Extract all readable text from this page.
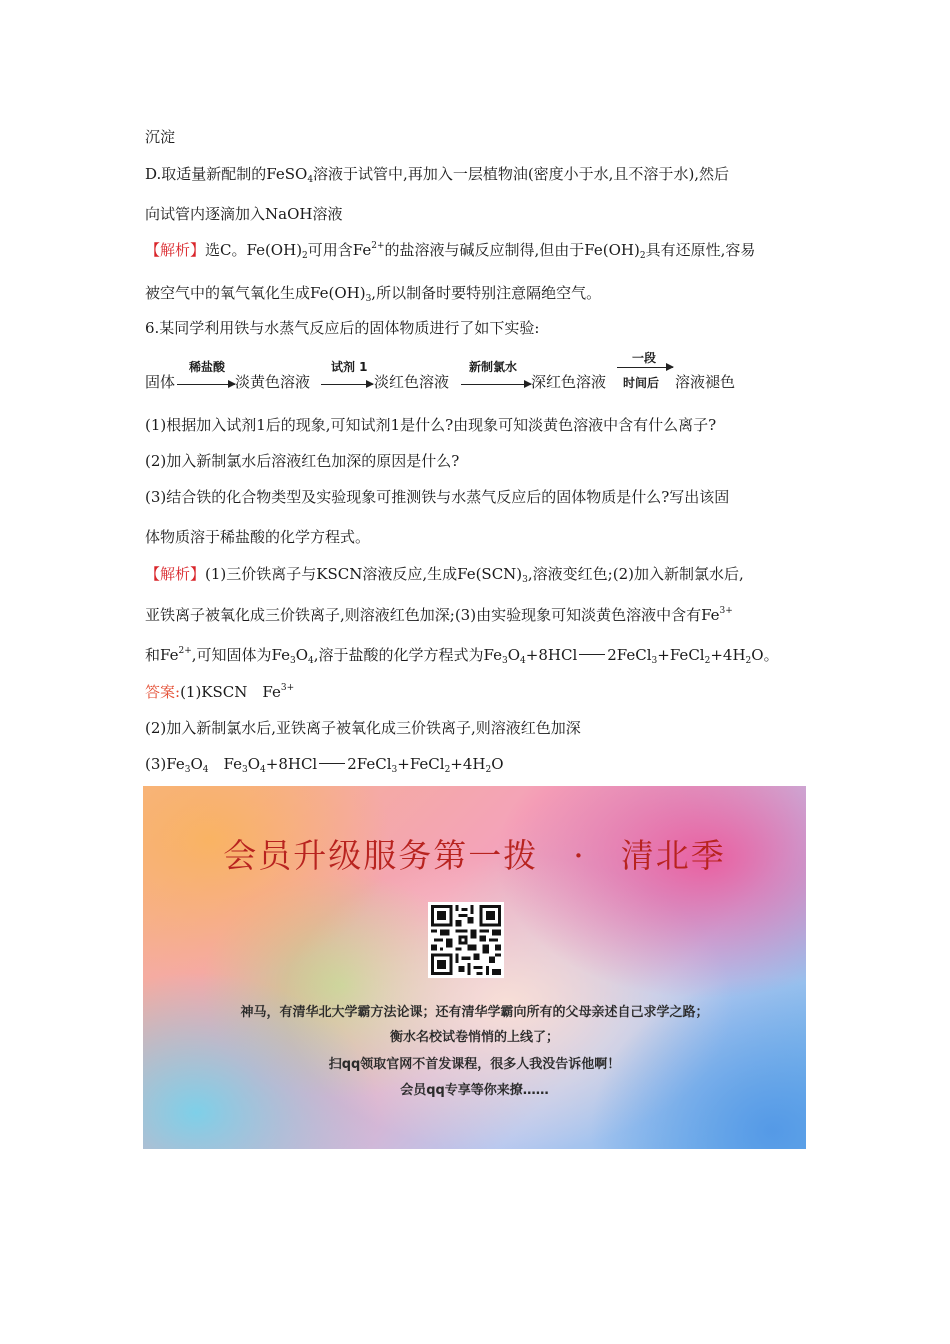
沉淀
D.取适量新配制的FeSO$_4$溶液于试管中,再加入一层植物油(密度小于水,且不溶于水),然后
向试管内逐滴加入NaOH溶液
【解析】选C。$Fe(OH)_2$可用含$Fe^{2+}$的盐溶液与碱反应制得,但由于$Fe(OH)_2$具有还原性,容易
被空气中的氧气氧化生成$Fe(OH)_3$,所以制备时要特别注意隔绝空气。
6.某同学利用铁与水蒸气反应后的固体物质进行了如下实验:
固体
稀盐酸
淡黄色溶液
试剂 1
淡红色溶液
新制氯水
深红色溶液
一段
时间后 溶液褪色
(1)根据加入试剂1后的现象,可知试剂1是什么?由现象可知淡黄色溶液中含有什么离子?
(2)加入新制氯水后溶液红色加深的原因是什么?
(3)结合铁的化合物类型及实验现象可推测铁与水蒸气反应后的固体物质是什么?写出该固
体物质溶于稀盐酸的化学方程式。
【解析】(1)三价铁离子与KSCN溶液反应,生成$Fe(SCN)_3$,溶液变红色;(2)加入新制氯水后,
亚铁离子被氧化成三价铁离子,则溶液红色加深;(3)由实验现象可知淡黄色溶液中含有$Fe^{3+}$
和$Fe^{2+}$,可知固体为$Fe_3O_4$,溶于盐酸的化学方程式为$Fe_3O_4+8HCl$ $2FeCl_3+FeCl_2+4H_2O$。
答案:(1)KSCN　$Fe^{3+}$
(2)加入新制氯水后,亚铁离子被氧化成三价铁离子,则溶液红色加深
$(3)Fe_3O_4$　$Fe_3O_4+8HCl$ $2FeCl_3+FeCl_2+4H_2O$
会员升级服务第一拨　·　清北季
神马，有清华北大学霸方法论课；还有清华学霸向所有的父母亲述自己求学之路；
衡水名校试卷悄悄的上线了；
扫qq领取官网不首发课程，很多人我没告诉他啊！
会员qq专享等你来撩……
